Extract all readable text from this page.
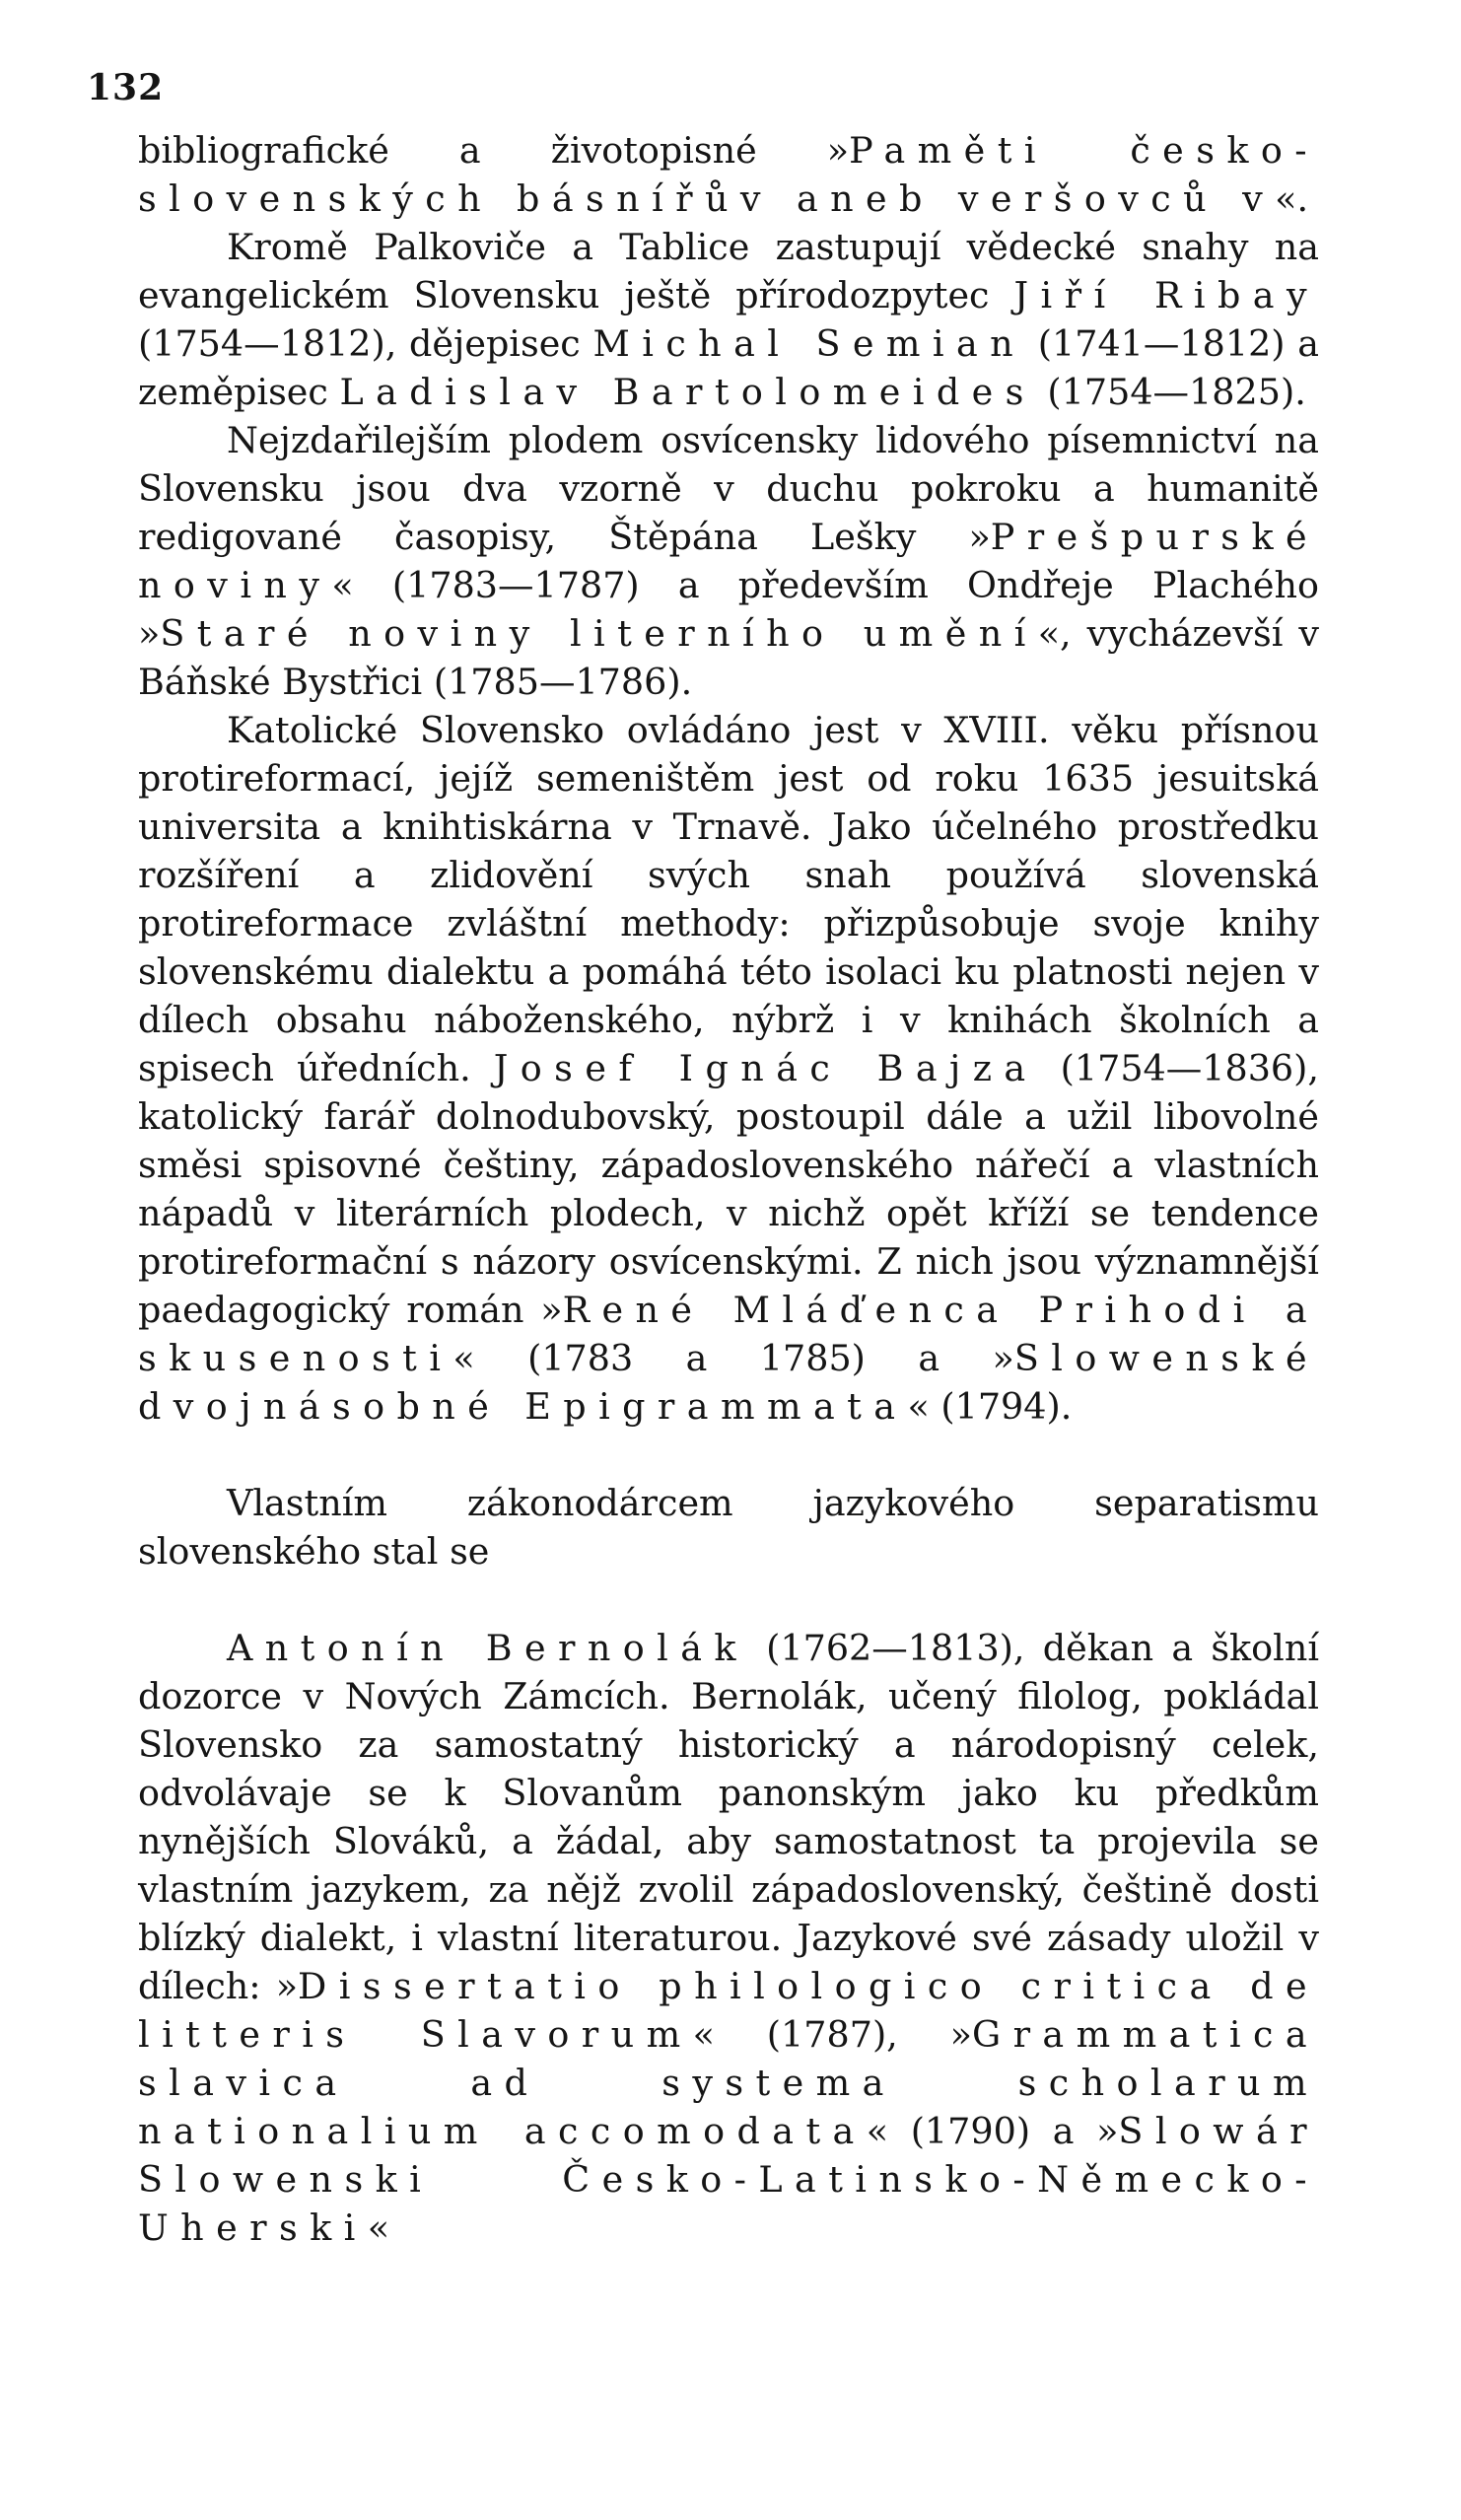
132

bibliografické a životopisné »Paměti česko-slovenských básnířův aneb veršovců v«.

Kromě Palkoviče a Tablice zastupují vědecké snahy na evangelickém Slovensku ještě přírodozpytec Jiří Ribay (1754—1812), dějepisec Michal Semian (1741—1812) a zeměpisec Ladislav Bartolomeides (1754—1825).

Nejzdařilejším plodem osvícensky lidového písemnictví na Slovensku jsou dva vzorně v duchu pokroku a humanitě redigované časopisy, Štěpána Lešky »Prešpurské noviny« (1783—1787) a především Ondřeje Plachého »Staré noviny literního umění«, vycházevší v Báňské Bystřici (1785—1786).

Katolické Slovensko ovládáno jest v XVIII. věku přísnou protireformací, jejíž semeništěm jest od roku 1635 jesuitská universita a knihtiskárna v Trnavě. Jako účelného prostředku rozšíření a zlidovění svých snah používá slovenská protireformace zvláštní methody: přizpůsobuje svoje knihy slovenskému dialektu a pomáhá této isolaci ku platnosti nejen v dílech obsahu náboženského, nýbrž i v knihách školních a spisech úředních. Josef Ignác Bajza (1754—1836), katolický farář dolnodubovský, postoupil dále a užil libovolné směsi spisovné češtiny, západoslovenského nářečí a vlastních nápadů v literárních plodech, v nichž opět kříží se tendence protireformační s názory osvícenskými. Z nich jsou významnější paedagogický román »René Mláďenca Prihodi a skusenosti« (1783 a 1785) a »Slowenské dvojnásobné Epigrammata« (1794).

Vlastním zákonodárcem jazykového separatismu slovenského stal se

Antonín Bernolák (1762—1813), děkan a školní dozorce v Nových Zámcích. Bernolák, učený filolog, pokládal Slovensko za samostatný historický a národopisný celek, odvolávaje se k Slovanům panonským jako ku předkům nynějších Slováků, a žádal, aby samostatnost ta projevila se vlastním jazykem, za nějž zvolil západoslovenský, češtině dosti blízký dialekt, i vlastní literaturou. Jazykové své zásady uložil v dílech: »Dissertatio philologico critica de litteris Slavorum« (1787), »Grammatica slavica ad systema scholarum nationalium accomodata« (1790) a »Slowár Slowenski Česko-Latinsko-Německo-Uherski«
